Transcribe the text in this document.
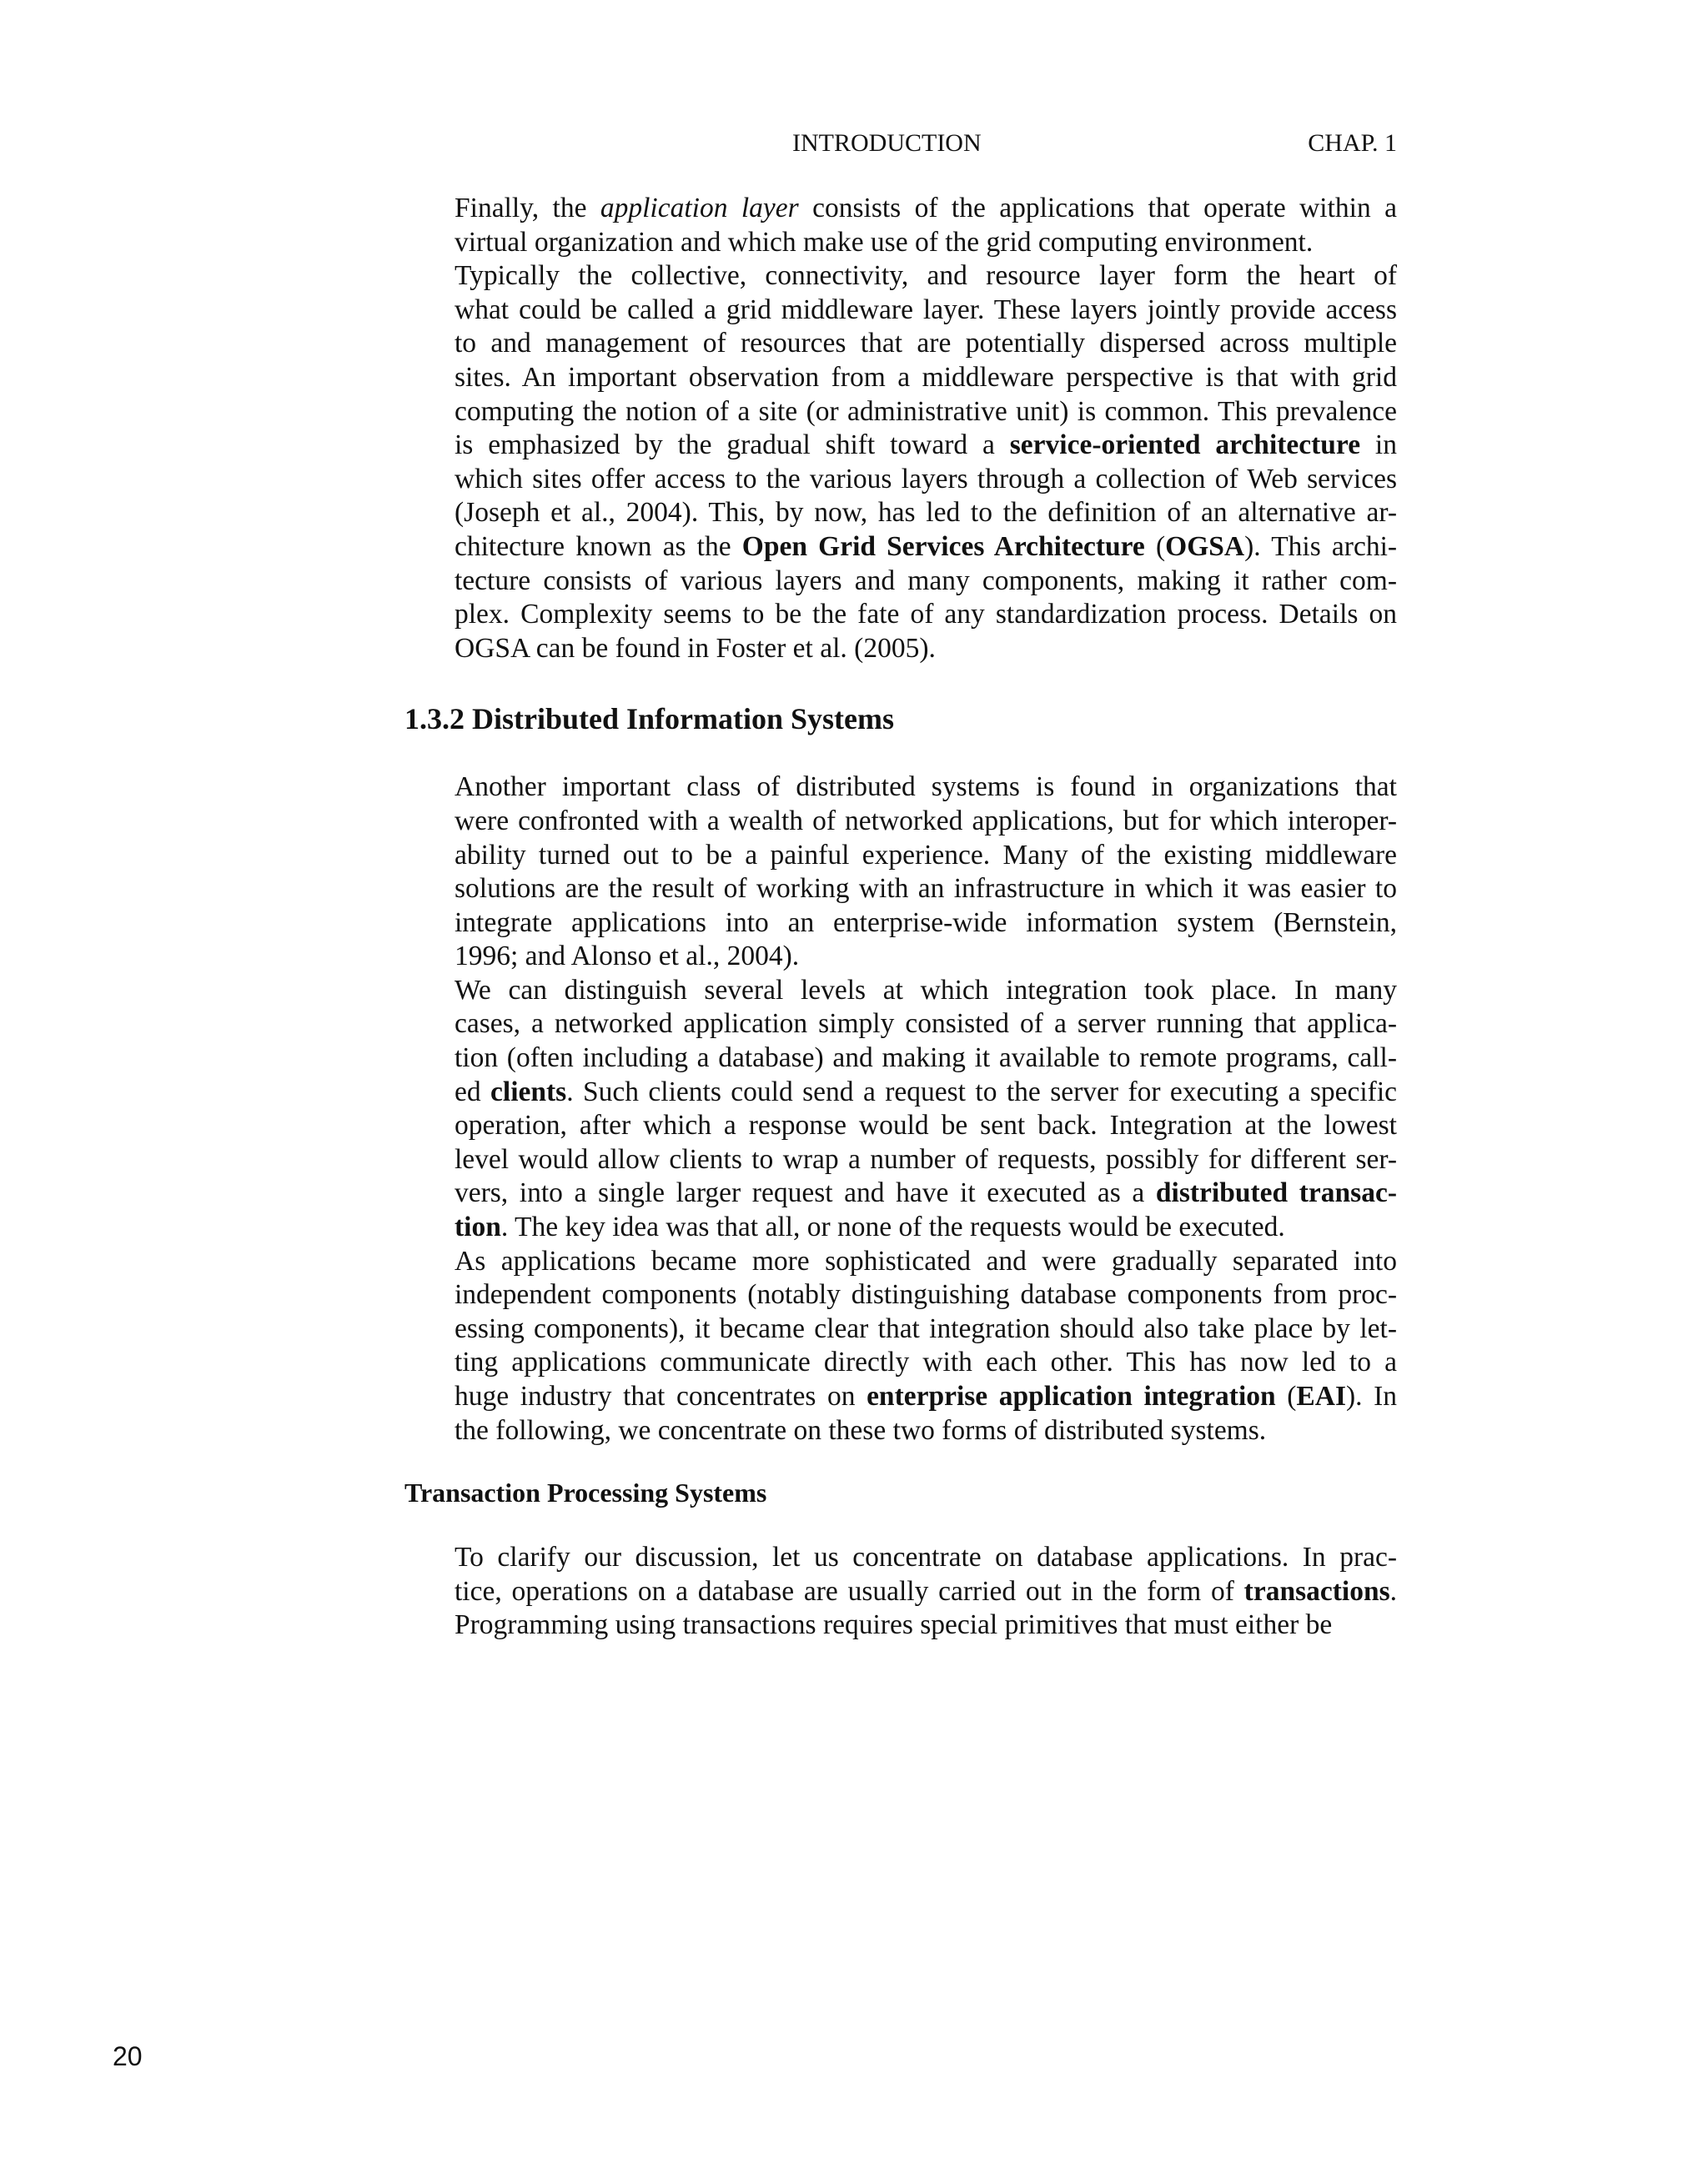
INTRODUCTION	CHAP. 1
Finally, the application layer consists of the applications that operate within a
virtual organization and which make use of the grid computing environment.
Typically the collective, connectivity, and resource layer form the heart of
what could be called a grid middleware layer. These layers jointly provide access
to and management of resources that are potentially dispersed across multiple
sites. An important observation from a middleware perspective is that with grid
computing the notion of a site (or administrative unit) is common. This prevalence
is emphasized by the gradual shift toward a service-oriented architecture in
which sites offer access to the various layers through a collection of Web services
(Joseph et al., 2004). This, by now, has led to the definition of an alternative ar-
chitecture known as the Open Grid Services Architecture (OGSA). This archi-
tecture consists of various layers and many components, making it rather com-
plex. Complexity seems to be the fate of any standardization process. Details on
OGSA can be found in Foster et al. (2005).
1.3.2 Distributed Information Systems
Another important class of distributed systems is found in organizations that
were confronted with a wealth of networked applications, but for which interoper-
ability turned out to be a painful experience. Many of the existing middleware
solutions are the result of working with an infrastructure in which it was easier to
integrate applications into an enterprise-wide information system (Bernstein,
1996; and Alonso et al., 2004).
We can distinguish several levels at which integration took place. In many
cases, a networked application simply consisted of a server running that applica-
tion (often including a database) and making it available to remote programs, call-
ed clients. Such clients could send a request to the server for executing a specific
operation, after which a response would be sent back. Integration at the lowest
level would allow clients to wrap a number of requests, possibly for different ser-
vers, into a single larger request and have it executed as a distributed transac-
tion. The key idea was that all, or none of the requests would be executed.
As applications became more sophisticated and were gradually separated into
independent components (notably distinguishing database components from proc-
essing components), it became clear that integration should also take place by let-
ting applications communicate directly with each other. This has now led to a
huge industry that concentrates on enterprise application integration (EAI). In
the following, we concentrate on these two forms of distributed systems.
Transaction Processing Systems
To clarify our discussion, let us concentrate on database applications. In prac-
tice, operations on a database are usually carried out in the form of transactions.
Programming using transactions requires special primitives that must either be
20
